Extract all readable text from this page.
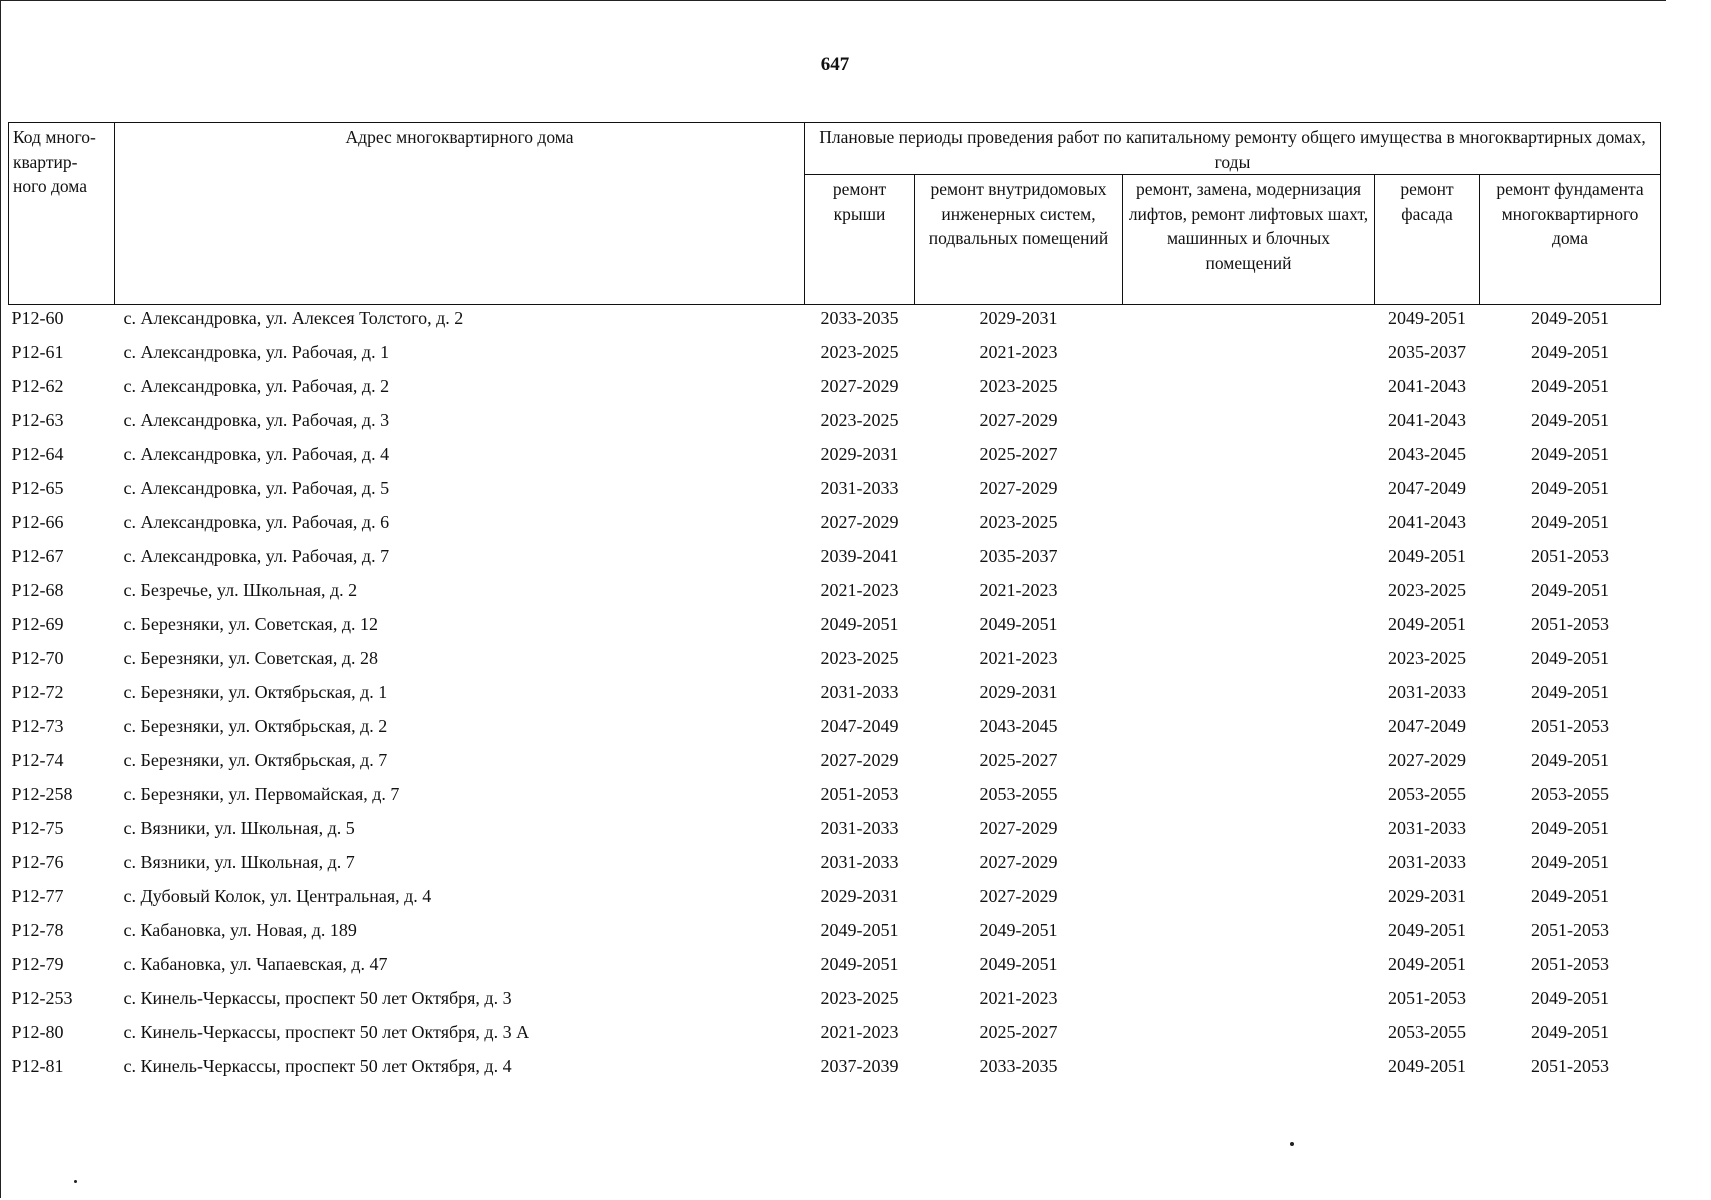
647
Код много-квартир-ного дома	Адрес многоквартирного дома	Плановые периоды проведения работ по капитальному ремонту общего имущества в многоквартирных домах, годы				
		ремонт крыши	ремонт внутридомовых инженерных систем, подвальных помещений	ремонт, замена, модернизация лифтов, ремонт лифтовых шахт, машинных и блочных помещений	ремонт фасада	ремонт фундамента многоквартирного дома
Р12-60	с. Александровка, ул. Алексея Толстого, д. 2	2033-2035	2029-2031		2049-2051	2049-2051
Р12-61	с. Александровка, ул. Рабочая, д. 1	2023-2025	2021-2023		2035-2037	2049-2051
Р12-62	с. Александровка, ул. Рабочая, д. 2	2027-2029	2023-2025		2041-2043	2049-2051
Р12-63	с. Александровка, ул. Рабочая, д. 3	2023-2025	2027-2029		2041-2043	2049-2051
Р12-64	с. Александровка, ул. Рабочая, д. 4	2029-2031	2025-2027		2043-2045	2049-2051
Р12-65	с. Александровка, ул. Рабочая, д. 5	2031-2033	2027-2029		2047-2049	2049-2051
Р12-66	с. Александровка, ул. Рабочая, д. 6	2027-2029	2023-2025		2041-2043	2049-2051
Р12-67	с. Александровка, ул. Рабочая, д. 7	2039-2041	2035-2037		2049-2051	2051-2053
Р12-68	с. Безречье, ул. Школьная, д. 2	2021-2023	2021-2023		2023-2025	2049-2051
Р12-69	с. Березняки, ул. Советская, д. 12	2049-2051	2049-2051		2049-2051	2051-2053
Р12-70	с. Березняки, ул. Советская, д. 28	2023-2025	2021-2023		2023-2025	2049-2051
Р12-72	с. Березняки, ул. Октябрьская, д. 1	2031-2033	2029-2031		2031-2033	2049-2051
Р12-73	с. Березняки, ул. Октябрьская, д. 2	2047-2049	2043-2045		2047-2049	2051-2053
Р12-74	с. Березняки, ул. Октябрьская, д. 7	2027-2029	2025-2027		2027-2029	2049-2051
Р12-258	с. Березняки, ул. Первомайская, д. 7	2051-2053	2053-2055		2053-2055	2053-2055
Р12-75	с. Вязники, ул. Школьная, д. 5	2031-2033	2027-2029		2031-2033	2049-2051
Р12-76	с. Вязники, ул. Школьная, д. 7	2031-2033	2027-2029		2031-2033	2049-2051
Р12-77	с. Дубовый Колок, ул. Центральная, д. 4	2029-2031	2027-2029		2029-2031	2049-2051
Р12-78	с. Кабановка, ул. Новая, д. 189	2049-2051	2049-2051		2049-2051	2051-2053
Р12-79	с. Кабановка, ул. Чапаевская, д. 47	2049-2051	2049-2051		2049-2051	2051-2053
Р12-253	с. Кинель-Черкассы, проспект 50 лет Октября, д. 3	2023-2025	2021-2023		2051-2053	2049-2051
Р12-80	с. Кинель-Черкассы, проспект 50 лет Октября, д. 3 А	2021-2023	2025-2027		2053-2055	2049-2051
Р12-81	с. Кинель-Черкассы, проспект 50 лет Октября, д. 4	2037-2039	2033-2035		2049-2051	2051-2053
